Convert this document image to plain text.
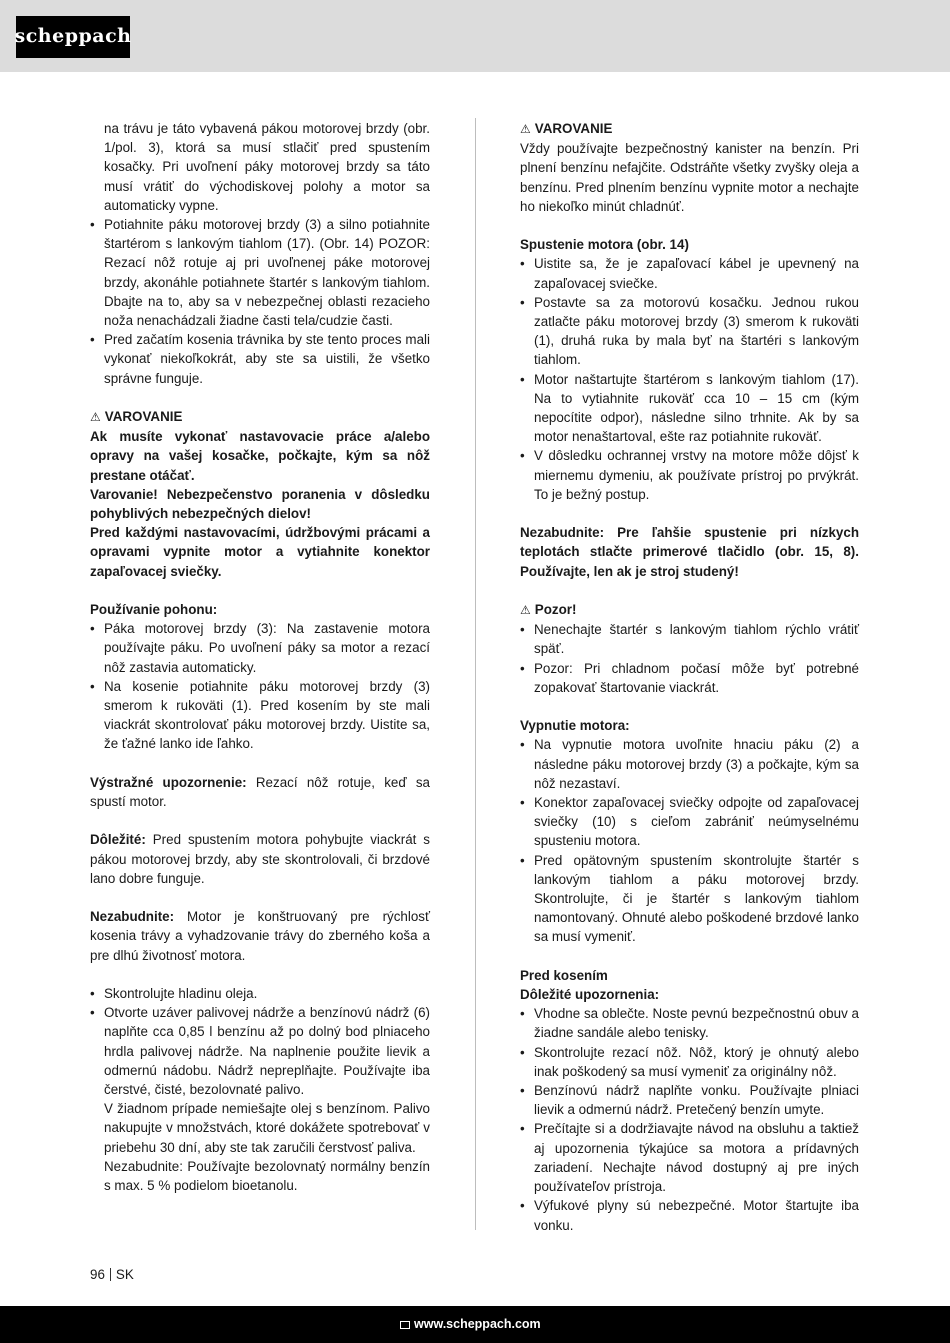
scheppach

na trávu je táto vybavená pákou motorovej brzdy (obr. 1/pol. 3), ktorá sa musí stlačiť pred spustením kosačky. Pri uvoľnení páky motorovej brzdy sa táto musí vrátiť do východiskovej polohy a motor sa automaticky vypne.

• Potiahnite páku motorovej brzdy (3) a silno potiahnite štartérom s lankovým tiahlom (17). (Obr. 14) POZOR: Rezací nôž rotuje aj pri uvoľnenej páke motorovej brzdy, akonáhle potiahnete štartér s lankovým tiahlom. Dbajte na to, aby sa v nebezpečnej oblasti rezacieho noža nenachádzali žiadne časti tela/cudzie časti.
• Pred začatím kosenia trávnika by ste tento proces mali vykonať niekoľkokrát, aby ste sa uistili, že všetko správne funguje.

⚠ VAROVANIE

Ak musíte vykonať nastavovacie práce a/alebo opravy na vašej kosačke, počkajte, kým sa nôž prestane otáčať.

Varovanie! Nebezpečenstvo poranenia v dôsledku pohyblivých nebezpečných dielov!

Pred každými nastavovacími, údržbovými prácami a opravami vypnite motor a vytiahnite konektor zapaľovacej sviečky.

Používanie pohonu:

• Páka motorovej brzdy (3): Na zastavenie motora používajte páku. Po uvoľnení páky sa motor a rezací nôž zastavia automaticky.
• Na kosenie potiahnite páku motorovej brzdy (3) smerom k rukoväti (1). Pred kosením by ste mali viackrát skontrolovať páku motorovej brzdy. Uistite sa, že ťažné lanko ide ľahko.

Výstražné upozornenie: Rezací nôž rotuje, keď sa spustí motor.

Dôležité: Pred spustením motora pohybujte viackrát s pákou motorovej brzdy, aby ste skontrolovali, či brzdové lano dobre funguje.

Nezabudnite: Motor je konštruovaný pre rýchlosť kosenia trávy a vyhadzovanie trávy do zberného koša a pre dlhú životnosť motora.

• Skontrolujte hladinu oleja.
• Otvorte uzáver palivovej nádrže a benzínovú nádrž (6) naplňte cca 0,85 l benzínu až po dolný bod plniaceho hrdla palivovej nádrže. Na naplnenie použite lievik a odmernú nádobu. Nádrž nepreplňajte. Používajte iba čerstvé, čisté, bezolovnaté palivo.

V žiadnom prípade nemiešajte olej s benzínom. Palivo nakupujte v množstvách, ktoré dokážete spotrebovať v priebehu 30 dní, aby ste tak zaručili čerstvosť paliva.

Nezabudnite: Používajte bezolovnatý normálny benzín s max. 5 % podielom bioetanolu.

⚠ VAROVANIE

Vždy používajte bezpečnostný kanister na benzín. Pri plnení benzínu nefajčite. Odstráňte všetky zvyšky oleja a benzínu. Pred plnením benzínu vypnite motor a nechajte ho niekoľko minút chladnúť.

Spustenie motora (obr. 14)

• Uistite sa, že je zapaľovací kábel je upevnený na zapaľovacej sviečke.
• Postavte sa za motorovú kosačku. Jednou rukou zatlačte páku motorovej brzdy (3) smerom k rukoväti (1), druhá ruka by mala byť na štartéri s lankovým tiahlom.
• Motor naštartujte štartérom s lankovým tiahlom (17). Na to vytiahnite rukoväť cca 10 – 15 cm (kým nepocítite odpor), následne silno trhnite. Ak by sa motor nenaštartoval, ešte raz potiahnite rukoväť.
• V dôsledku ochrannej vrstvy na motore môže dôjsť k miernemu dymeniu, ak používate prístroj po prvýkrát. To je bežný postup.

Nezabudnite: Pre ľahšie spustenie pri nízkych teplotách stlačte primerové tlačidlo (obr. 15, 8). Používajte, len ak je stroj studený!

⚠ Pozor!

• Nenechajte štartér s lankovým tiahlom rýchlo vrátiť späť.
• Pozor: Pri chladnom počasí môže byť potrebné zopakovať štartovanie viackrát.

Vypnutie motora:

• Na vypnutie motora uvoľnite hnaciu páku (2) a následne páku motorovej brzdy (3) a počkajte, kým sa nôž nezastaví.
• Konektor zapaľovacej sviečky odpojte od zapaľovacej sviečky (10) s cieľom zabrániť neúmyselnému spusteniu motora.
• Pred opätovným spustením skontrolujte štartér s lankovým tiahlom a páku motorovej brzdy. Skontrolujte, či je štartér s lankovým tiahlom namontovaný. Ohnuté alebo poškodené brzdové lanko sa musí vymeniť.

Pred kosením

Dôležité upozornenia:

• Vhodne sa oblečte. Noste pevnú bezpečnostnú obuv a žiadne sandále alebo tenisky.
• Skontrolujte rezací nôž. Nôž, ktorý je ohnutý alebo inak poškodený sa musí vymeniť za originálny nôž.
• Benzínovú nádrž naplňte vonku. Používajte plniaci lievik a odmernú nádrž. Pretečený benzín umyte.
• Prečítajte si a dodržiavajte návod na obsluhu a taktiež aj upozornenia týkajúce sa motora a prídavných zariadení. Nechajte návod dostupný aj pre iných používateľov prístroja.
• Výfukové plyny sú nebezpečné. Motor štartujte iba vonku.
96 SK
www.scheppach.com
